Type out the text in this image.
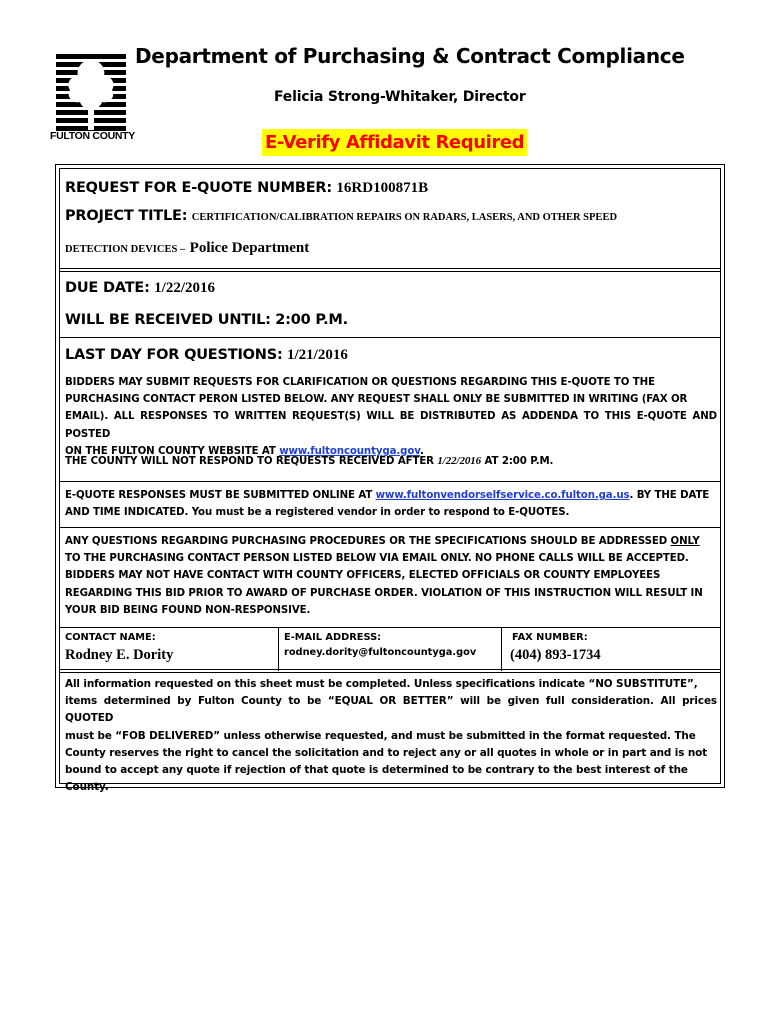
FULTON COUNTY
Department of Purchasing & Contract Compliance
Felicia Strong-Whitaker, Director
E-Verify Affidavit Required
REQUEST FOR E-QUOTE NUMBER: 16RD100871B
PROJECT TITLE: CERTIFICATION/CALIBRATION REPAIRS ON RADARS, LASERS, AND OTHER SPEED
DETECTION DEVICES – Police Department
DUE DATE: 1/22/2016
WILL BE RECEIVED UNTIL: 2:00 P.M.
LAST DAY FOR QUESTIONS: 1/21/2016
BIDDERS MAY SUBMIT REQUESTS FOR CLARIFICATION OR QUESTIONS REGARDING THIS E-QUOTE TO THE
PURCHASING CONTACT PERON LISTED BELOW. ANY REQUEST SHALL ONLY BE SUBMITTED IN WRITING (FAX OR
EMAIL). ALL RESPONSES TO WRITTEN REQUEST(S) WILL BE DISTRIBUTED AS ADDENDA TO THIS E-QUOTE AND POSTED
ON THE FULTON COUNTY WEBSITE AT www.fultoncountyga.gov.
THE COUNTY WILL NOT RESPOND TO REQUESTS RECEIVED AFTER 1/22/2016 AT 2:00 P.M.
E-QUOTE RESPONSES MUST BE SUBMITTED ONLINE AT www.fultonvendorselfservice.co.fulton.ga.us. BY THE DATE
AND TIME INDICATED. You must be a registered vendor in order to respond to E-QUOTES.
ANY QUESTIONS REGARDING PURCHASING PROCEDURES OR THE SPECIFICATIONS SHOULD BE ADDRESSED ONLY
TO THE PURCHASING CONTACT PERSON LISTED BELOW VIA EMAIL ONLY. NO PHONE CALLS WILL BE ACCEPTED.
BIDDERS MAY NOT HAVE CONTACT WITH COUNTY OFFICERS, ELECTED OFFICIALS OR COUNTY EMPLOYEES
REGARDING THIS BID PRIOR TO AWARD OF PURCHASE ORDER. VIOLATION OF THIS INSTRUCTION WILL RESULT IN
YOUR BID BEING FOUND NON-RESPONSIVE.
CONTACT NAME:
Rodney E. Dority
E-MAIL ADDRESS:
rodney.dority@fultoncountyga.gov
FAX NUMBER:
(404) 893-1734
All information requested on this sheet must be completed. Unless specifications indicate “NO SUBSTITUTE”,
items determined by Fulton County to be “EQUAL OR BETTER” will be given full consideration. All prices QUOTED
must be “FOB DELIVERED” unless otherwise requested, and must be submitted in the format requested. The
County reserves the right to cancel the solicitation and to reject any or all quotes in whole or in part and is not
bound to accept any quote if rejection of that quote is determined to be contrary to the best interest of the
County.
